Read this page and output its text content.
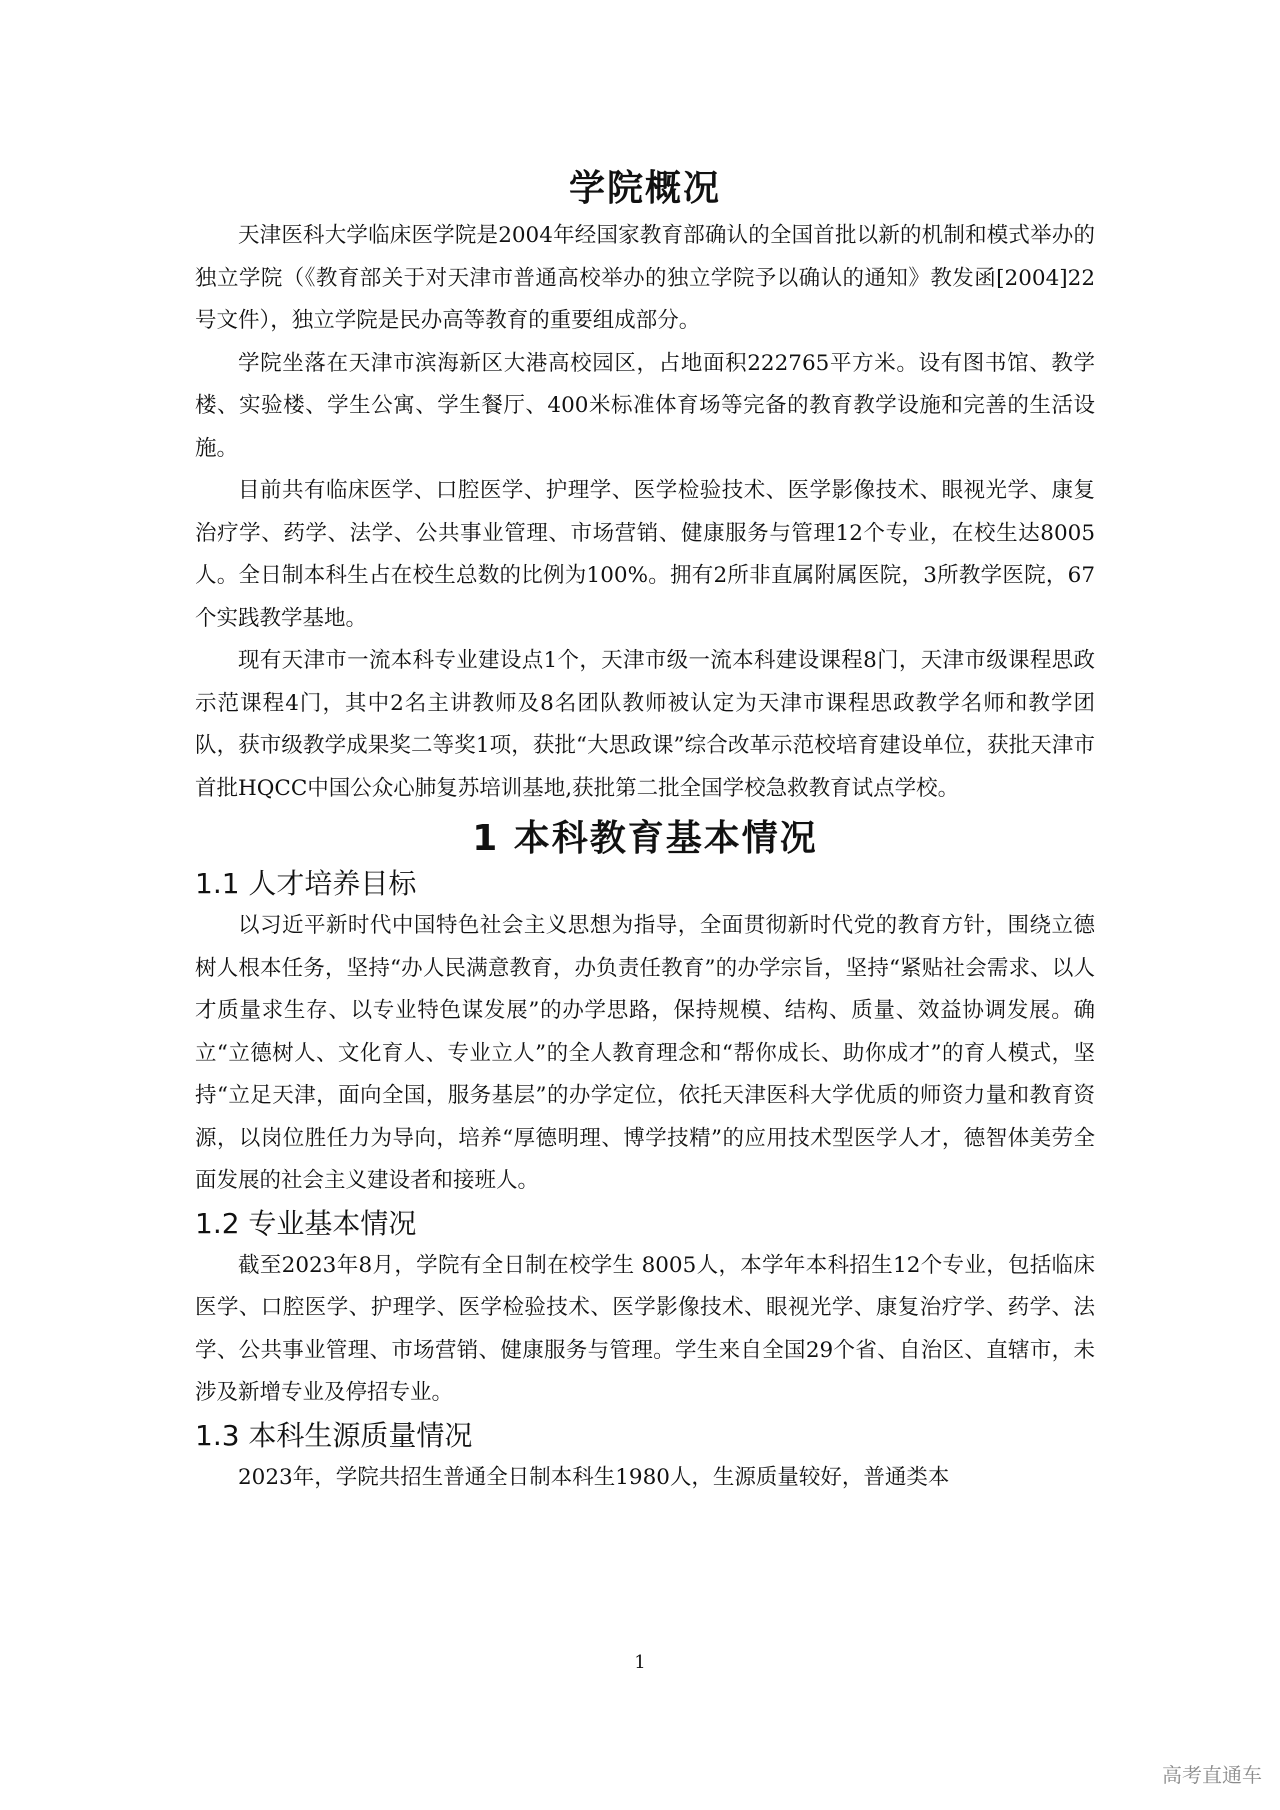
学院概况

天津医科大学临床医学院是2004年经国家教育部确认的全国首批以新的机制和模式举办的独立学院（《教育部关于对天津市普通高校举办的独立学院予以确认的通知》教发函[2004]22号文件），独立学院是民办高等教育的重要组成部分。

学院坐落在天津市滨海新区大港高校园区，占地面积222765平方米。设有图书馆、教学楼、实验楼、学生公寓、学生餐厅、400米标准体育场等完备的教育教学设施和完善的生活设施。

目前共有临床医学、口腔医学、护理学、医学检验技术、医学影像技术、眼视光学、康复治疗学、药学、法学、公共事业管理、市场营销、健康服务与管理12个专业，在校生达8005人。全日制本科生占在校生总数的比例为100%。拥有2所非直属附属医院，3所教学医院，67个实践教学基地。

现有天津市一流本科专业建设点1个，天津市级一流本科建设课程8门，天津市级课程思政示范课程4门，其中2名主讲教师及8名团队教师被认定为天津市课程思政教学名师和教学团队，获市级教学成果奖二等奖1项，获批“大思政课”综合改革示范校培育建设单位，获批天津市首批HQCC中国公众心肺复苏培训基地,获批第二批全国学校急救教育试点学校。

1 本科教育基本情况
1.1 人才培养目标

以习近平新时代中国特色社会主义思想为指导，全面贯彻新时代党的教育方针，围绕立德树人根本任务，坚持“办人民满意教育，办负责任教育”的办学宗旨，坚持“紧贴社会需求、以人才质量求生存、以专业特色谋发展”的办学思路，保持规模、结构、质量、效益协调发展。确立“立德树人、文化育人、专业立人”的全人教育理念和“帮你成长、助你成才”的育人模式，坚持“立足天津，面向全国，服务基层”的办学定位，依托天津医科大学优质的师资力量和教育资源，以岗位胜任力为导向，培养“厚德明理、博学技精”的应用技术型医学人才，德智体美劳全面发展的社会主义建设者和接班人。

1.2 专业基本情况

截至2023年8月，学院有全日制在校学生 8005人，本学年本科招生12个专业，包括临床医学、口腔医学、护理学、医学检验技术、医学影像技术、眼视光学、康复治疗学、药学、法学、公共事业管理、市场营销、健康服务与管理。学生来自全国29个省、自治区、直辖市，未涉及新增专业及停招专业。

1.3 本科生源质量情况

2023年，学院共招生普通全日制本科生1980人，生源质量较好，普通类本

1
高考直通车
